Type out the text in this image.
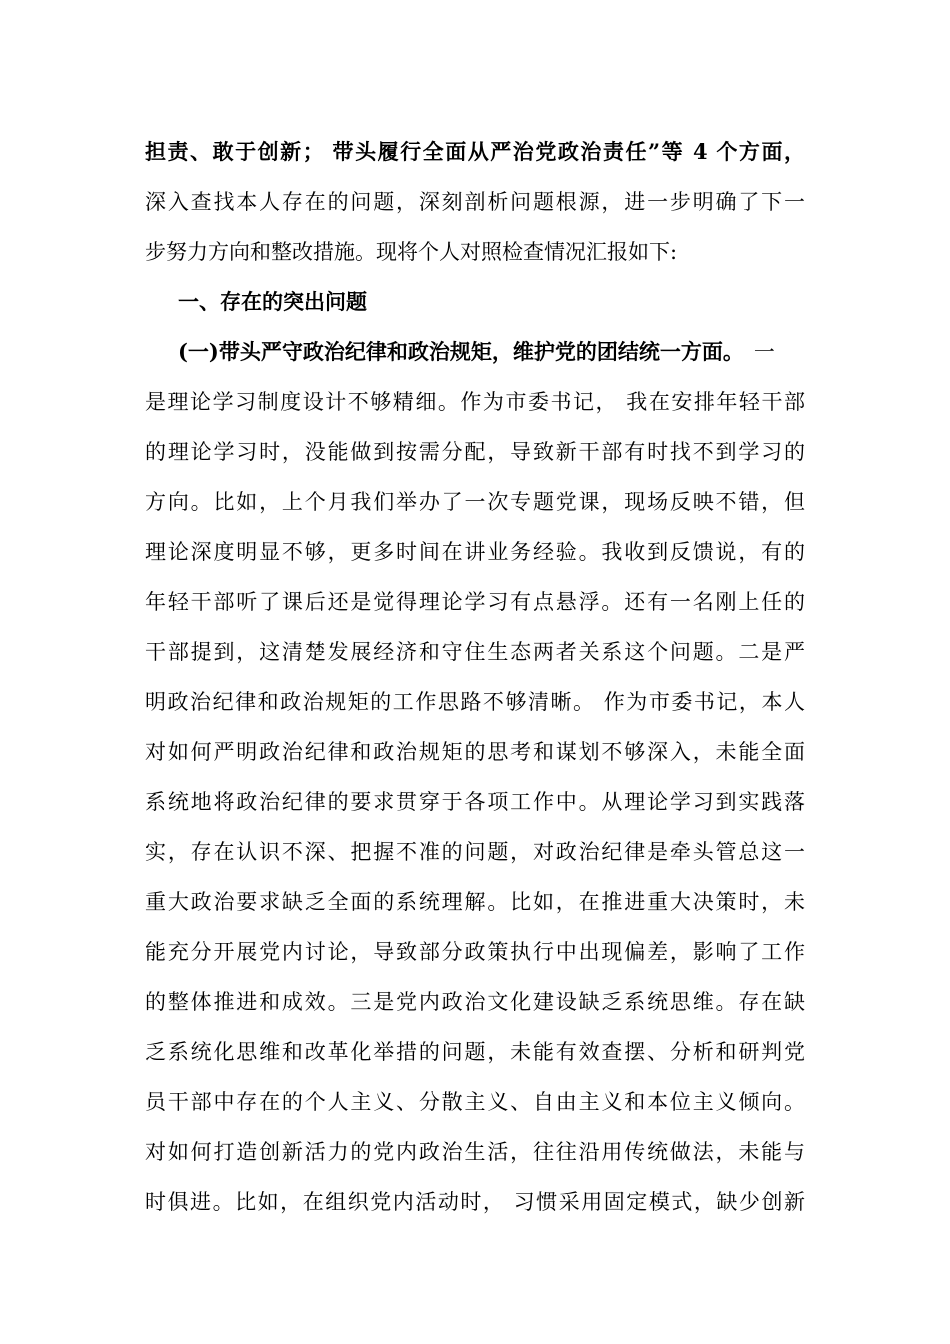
担责、敢于创新； 带头履行全面从严治党政治责任”等 4 个方面，
深入查找本人存在的问题，深刻剖析问题根源，进一步明确了下一
步努力方向和整改措施。现将个人对照检查情况汇报如下:
一、存在的突出问题
(一)带头严守政治纪律和政治规矩，维护党的团结统一方面。 一
是理论学习制度设计不够精细。作为市委书记， 我在安排年轻干部
的理论学习时，没能做到按需分配，导致新干部有时找不到学习的
方向。比如，上个月我们举办了一次专题党课，现场反映不错，但
理论深度明显不够，更多时间在讲业务经验。我收到反馈说，有的
年轻干部听了课后还是觉得理论学习有点悬浮。还有一名刚上任的
干部提到，这清楚发展经济和守住生态两者关系这个问题。二是严
明政治纪律和政治规矩的工作思路不够清晰。 作为市委书记，本人
对如何严明政治纪律和政治规矩的思考和谋划不够深入，未能全面
系统地将政治纪律的要求贯穿于各项工作中。从理论学习到实践落
实，存在认识不深、把握不准的问题，对政治纪律是牵头管总这一
重大政治要求缺乏全面的系统理解。比如，在推进重大决策时，未
能充分开展党内讨论，导致部分政策执行中出现偏差，影响了工作
的整体推进和成效。三是党内政治文化建设缺乏系统思维。存在缺
乏系统化思维和改革化举措的问题，未能有效查摆、分析和研判党
员干部中存在的个人主义、分散主义、自由主义和本位主义倾向。
对如何打造创新活力的党内政治生活，往往沿用传统做法，未能与
时俱进。比如，在组织党内活动时， 习惯采用固定模式，缺少创新
